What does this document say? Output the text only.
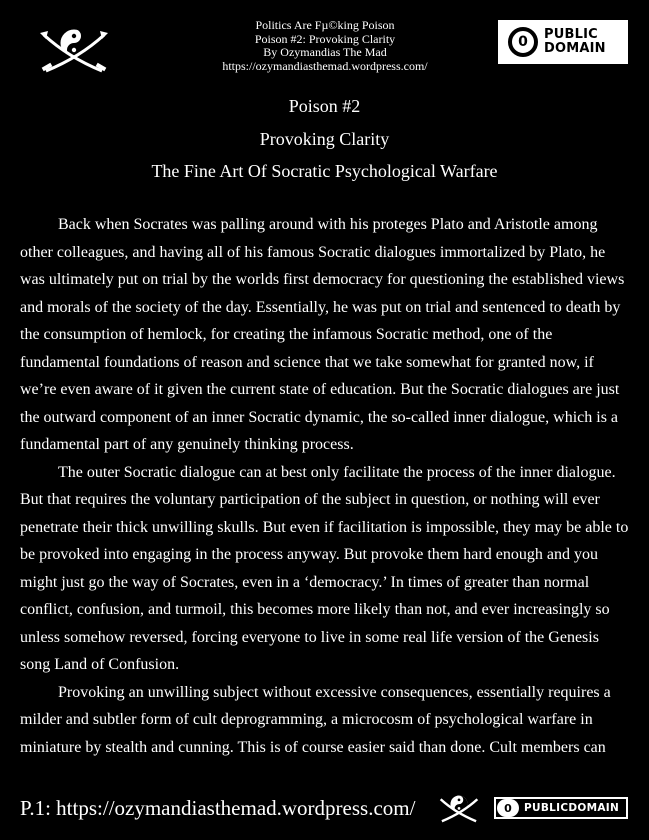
Politics Are Fµ©king Poison
Poison #2: Provoking Clarity
By Ozymandias The Mad
https://ozymandiasthemad.wordpress.com/
0 PUBLIC
DOMAIN
Poison #2
Provoking Clarity
The Fine Art Of Socratic Psychological Warfare

Back when Socrates was palling around with his proteges Plato and Aristotle among
other colleagues, and having all of his famous Socratic dialogues immortalized by Plato, he
was ultimately put on trial by the worlds first democracy for questioning the established views
and morals of the society of the day. Essentially, he was put on trial and sentenced to death by
the consumption of hemlock, for creating the infamous Socratic method, one of the
fundamental foundations of reason and science that we take somewhat for granted now, if
we’re even aware of it given the current state of education. But the Socratic dialogues are just
the outward component of an inner Socratic dynamic, the so-called inner dialogue, which is a
fundamental part of any genuinely thinking process.

The outer Socratic dialogue can at best only facilitate the process of the inner dialogue.
But that requires the voluntary participation of the subject in question, or nothing will ever
penetrate their thick unwilling skulls. But even if facilitation is impossible, they may be able to
be provoked into engaging in the process anyway. But provoke them hard enough and you
might just go the way of Socrates, even in a ‘democracy.’ In times of greater than normal
conflict, confusion, and turmoil, this becomes more likely than not, and ever increasingly so
unless somehow reversed, forcing everyone to live in some real life version of the Genesis
song Land of Confusion.

Provoking an unwilling subject without excessive consequences, essentially requires a
milder and subtler form of cult deprogramming, a microcosm of psychological warfare in
miniature by stealth and cunning. This is of course easier said than done. Cult members can

P.1: https://ozymandiasthemad.wordpress.com/	0 PUBLICDOMAIN
